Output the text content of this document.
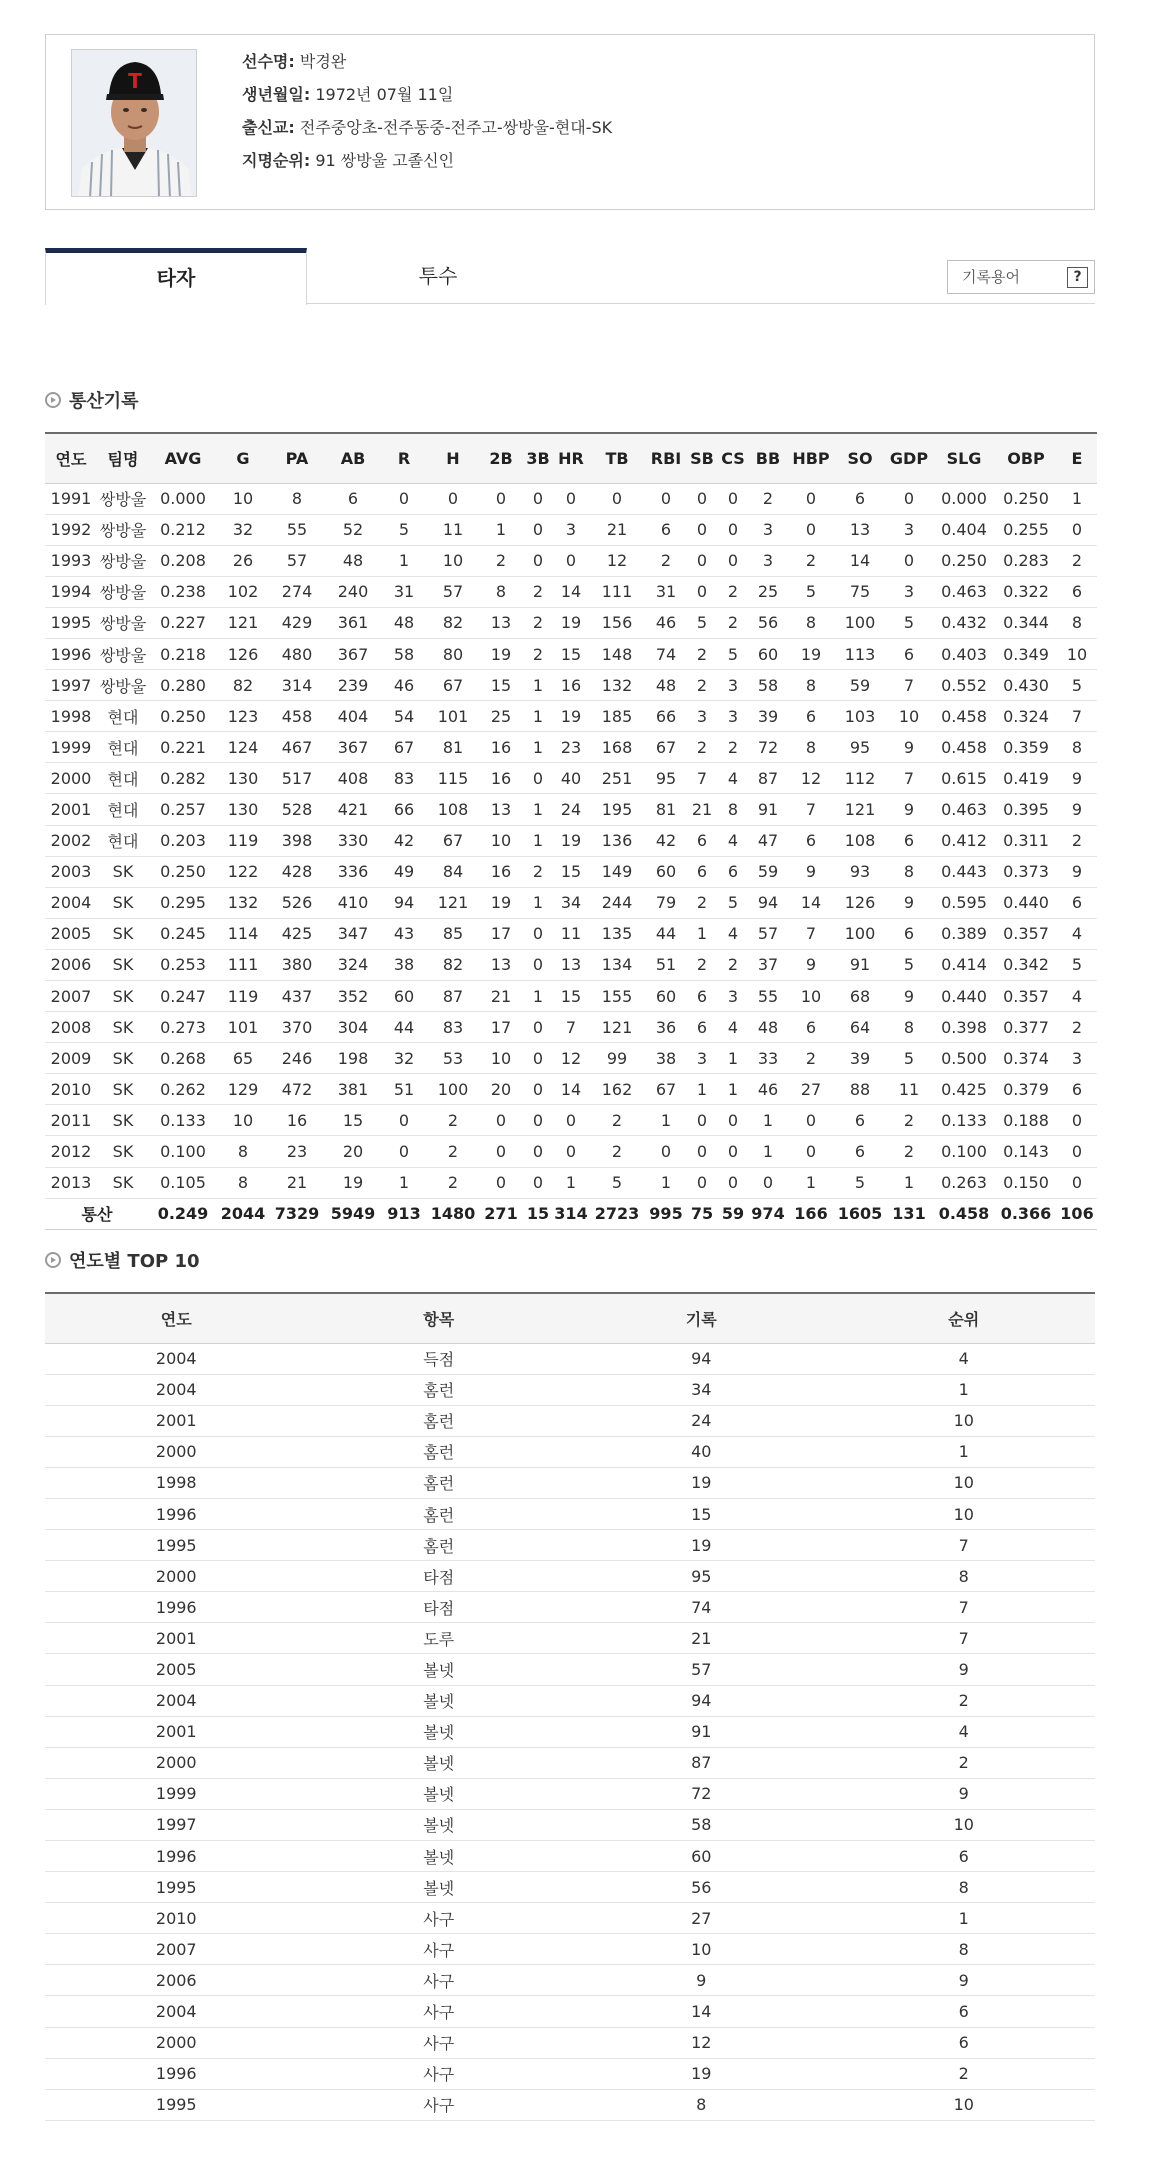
T
선수명: 박경완
생년월일: 1972년 07월 11일
출신교: 전주중앙초-전주동중-전주고-쌍방울-현대-SK
지명순위: 91 쌍방울 고졸신인
타자	투수	기록용어	?
통산기록
연도	팀명	AVG	G	PA	AB	R	H	2B	3B	HR	TB	RBI	SB	CS	BB	HBP	SO	GDP	SLG	OBP	E
1991	쌍방울	0.000	10	8	6	0	0	0	0	0	0	0	0	0	2	0	6	0	0.000	0.250	1
1992	쌍방울	0.212	32	55	52	5	11	1	0	3	21	6	0	0	3	0	13	3	0.404	0.255	0
1993	쌍방울	0.208	26	57	48	1	10	2	0	0	12	2	0	0	3	2	14	0	0.250	0.283	2
1994	쌍방울	0.238	102	274	240	31	57	8	2	14	111	31	0	2	25	5	75	3	0.463	0.322	6
1995	쌍방울	0.227	121	429	361	48	82	13	2	19	156	46	5	2	56	8	100	5	0.432	0.344	8
1996	쌍방울	0.218	126	480	367	58	80	19	2	15	148	74	2	5	60	19	113	6	0.403	0.349	10
1997	쌍방울	0.280	82	314	239	46	67	15	1	16	132	48	2	3	58	8	59	7	0.552	0.430	5
1998	현대	0.250	123	458	404	54	101	25	1	19	185	66	3	3	39	6	103	10	0.458	0.324	7
1999	현대	0.221	124	467	367	67	81	16	1	23	168	67	2	2	72	8	95	9	0.458	0.359	8
2000	현대	0.282	130	517	408	83	115	16	0	40	251	95	7	4	87	12	112	7	0.615	0.419	9
2001	현대	0.257	130	528	421	66	108	13	1	24	195	81	21	8	91	7	121	9	0.463	0.395	9
2002	현대	0.203	119	398	330	42	67	10	1	19	136	42	6	4	47	6	108	6	0.412	0.311	2
2003	SK	0.250	122	428	336	49	84	16	2	15	149	60	6	6	59	9	93	8	0.443	0.373	9
2004	SK	0.295	132	526	410	94	121	19	1	34	244	79	2	5	94	14	126	9	0.595	0.440	6
2005	SK	0.245	114	425	347	43	85	17	0	11	135	44	1	4	57	7	100	6	0.389	0.357	4
2006	SK	0.253	111	380	324	38	82	13	0	13	134	51	2	2	37	9	91	5	0.414	0.342	5
2007	SK	0.247	119	437	352	60	87	21	1	15	155	60	6	3	55	10	68	9	0.440	0.357	4
2008	SK	0.273	101	370	304	44	83	17	0	7	121	36	6	4	48	6	64	8	0.398	0.377	2
2009	SK	0.268	65	246	198	32	53	10	0	12	99	38	3	1	33	2	39	5	0.500	0.374	3
2010	SK	0.262	129	472	381	51	100	20	0	14	162	67	1	1	46	27	88	11	0.425	0.379	6
2011	SK	0.133	10	16	15	0	2	0	0	0	2	1	0	0	1	0	6	2	0.133	0.188	0
2012	SK	0.100	8	23	20	0	2	0	0	0	2	0	0	0	1	0	6	2	0.100	0.143	0
2013	SK	0.105	8	21	19	1	2	0	0	1	5	1	0	0	0	1	5	1	0.263	0.150	0
통산		0.249	2044	7329	5949	913	1480	271	15	314	2723	995	75	59	974	166	1605	131	0.458	0.366	106
연도별 TOP 10
연도	항목	기록	순위
2004	득점	94	4
2004	홈런	34	1
2001	홈런	24	10
2000	홈런	40	1
1998	홈런	19	10
1996	홈런	15	10
1995	홈런	19	7
2000	타점	95	8
1996	타점	74	7
2001	도루	21	7
2005	볼넷	57	9
2004	볼넷	94	2
2001	볼넷	91	4
2000	볼넷	87	2
1999	볼넷	72	9
1997	볼넷	58	10
1996	볼넷	60	6
1995	볼넷	56	8
2010	사구	27	1
2007	사구	10	8
2006	사구	9	9
2004	사구	14	6
2000	사구	12	6
1996	사구	19	2
1995	사구	8	10
